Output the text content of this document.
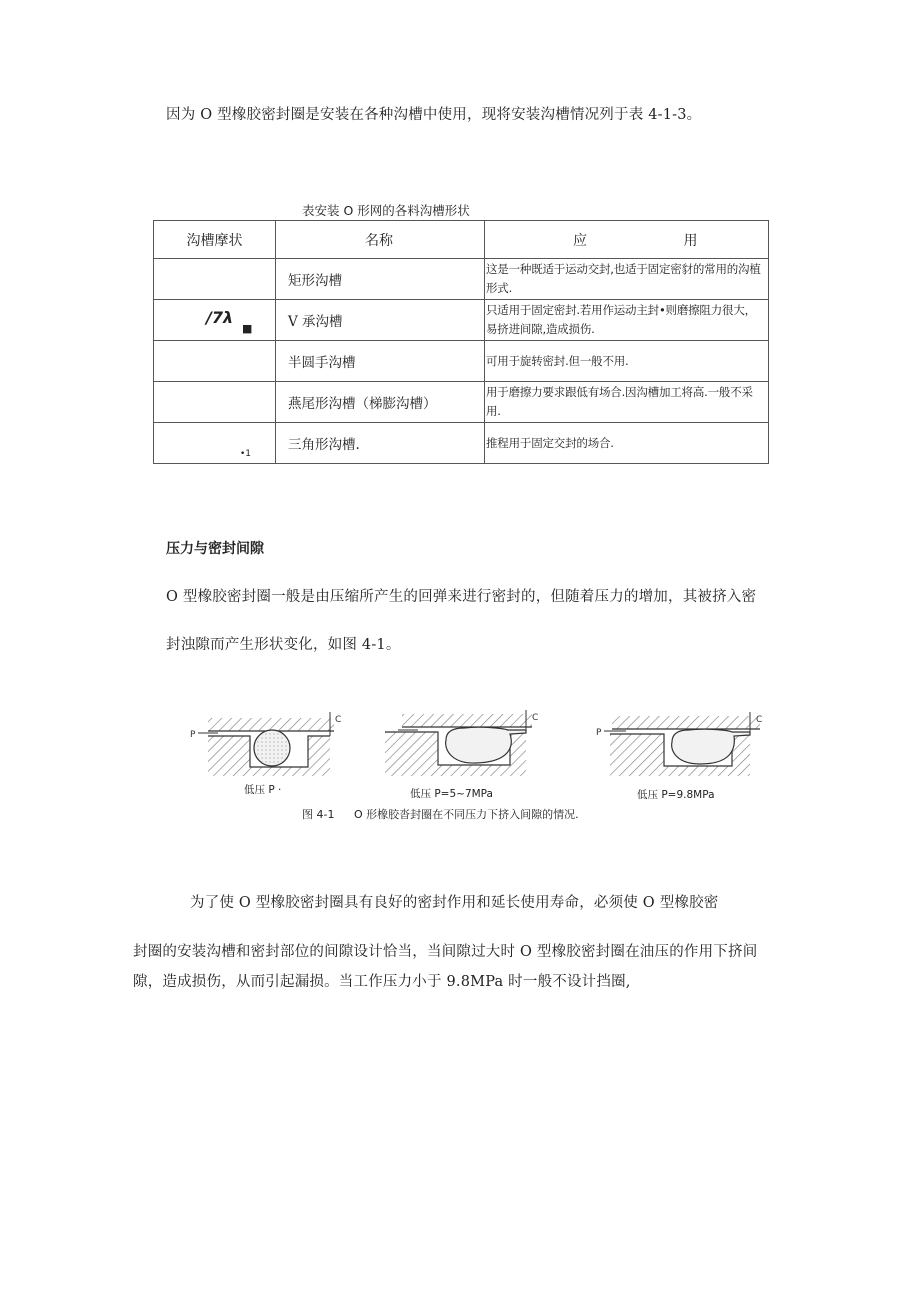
因为 O 型橡胶密封圈是安装在各种沟槽中使用，现将安装沟槽情况列于表 4-1-3。
表安装 O 形网的各料沟槽形状
沟槽摩状	名称	应 用
	矩形沟槽	这是一种既适于运动交封,也适于固定密豺的常用的沟植形式.

/7λ
■	V 承沟槽	只适用于固定密封.若用作运动主封•则磨擦阻力很大，易挤进间隙,造成损伤.
	半圆手沟槽	可用于旋转密封.但一般不用.
	燕尾形沟槽（梯膨沟槽）	用于磨擦力要求跟低有场合.因沟槽加工将高.一般不采用.

•1	三角形沟槽.	推程用于固定交封的场合.
压力与密封间隙
O 型橡胶密封圈一般是由压缩所产生的回弹来进行密封的，但随着压力的增加，其被挤入密
封浊隙而产生形状变化，如图 4-1。
P
C	C
P
C
低压 P ·	低压 P=5~7MPa	低压 P=9.8MPa
图 4-1 O 形橡胶沓封圈在不同压力下挤入间隙的情况.
为了使 O 型橡胶密封圈具有良好的密封作用和延长使用寿命，必须使 O 型橡胶密
封圈的安装沟槽和密封部位的间隙设计恰当，当间隙过大时 O 型橡胶密封圈在油压的作用下挤间
隙，造成损伤，从而引起漏损。当工作压力小于 9.8MPa 时一般不设计挡圈,
